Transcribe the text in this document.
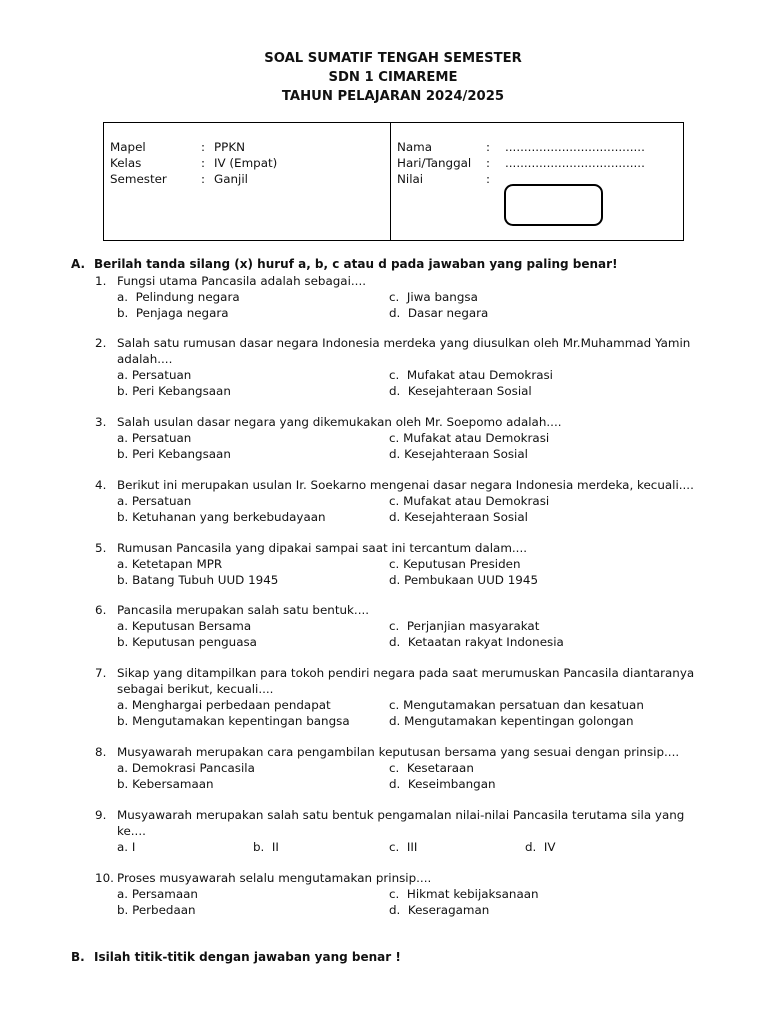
SOAL SUMATIF TENGAH SEMESTER

SDN 1 CIMAREME

TAHUN PELAJARAN 2024/2025

Mapel	: PPKN
Kelas	: IV (Empat)
Semester	: Ganjil
Nama	: .....................................
Hari/Tanggal : .....................................
Nilai	:
A. Berilah tanda silang (x) huruf a, b, c atau d pada jawaban yang paling benar!
1. Fungsi utama Pancasila adalah sebagai....
a.  Pelindung negara	c.  Jiwa bangsa
b.  Penjaga negara	d.  Dasar negara
2. Salah satu rumusan dasar negara Indonesia merdeka yang diusulkan oleh Mr.Muhammad Yamin
adalah....
a. Persatuan	c.  Mufakat atau Demokrasi
b. Peri Kebangsaan	d.  Kesejahteraan Sosial
3. Salah usulan dasar negara yang dikemukakan oleh Mr. Soepomo adalah....
a. Persatuan	c. Mufakat atau Demokrasi
b. Peri Kebangsaan	d. Kesejahteraan Sosial
4. Berikut ini merupakan usulan Ir. Soekarno mengenai dasar negara Indonesia merdeka, kecuali....
a. Persatuan	c. Mufakat atau Demokrasi
b. Ketuhanan yang berkebudayaan	d. Kesejahteraan Sosial
5. Rumusan Pancasila yang dipakai sampai saat ini tercantum dalam....
a. Ketetapan MPR	c. Keputusan Presiden
b. Batang Tubuh UUD 1945	d. Pembukaan UUD 1945
6. Pancasila merupakan salah satu bentuk....
a. Keputusan Bersama	c.  Perjanjian masyarakat
b. Keputusan penguasa	d.  Ketaatan rakyat Indonesia
7. Sikap yang ditampilkan para tokoh pendiri negara pada saat merumuskan Pancasila diantaranya
sebagai berikut, kecuali....
a. Menghargai perbedaan pendapat	c. Mengutamakan persatuan dan kesatuan
b. Mengutamakan kepentingan bangsa	d. Mengutamakan kepentingan golongan
8. Musyawarah merupakan cara pengambilan keputusan bersama yang sesuai dengan prinsip....
a. Demokrasi Pancasila	c.  Kesetaraan
b. Kebersamaan	d.  Keseimbangan
9. Musyawarah merupakan salah satu bentuk pengamalan nilai-nilai Pancasila terutama sila yang
ke....
a. I	b.  II	c.  III	d.  IV
10. Proses musyawarah selalu mengutamakan prinsip....
a. Persamaan	c.  Hikmat kebijaksanaan
b. Perbedaan	d.  Keseragaman
B. Isilah titik-titik dengan jawaban yang benar !
